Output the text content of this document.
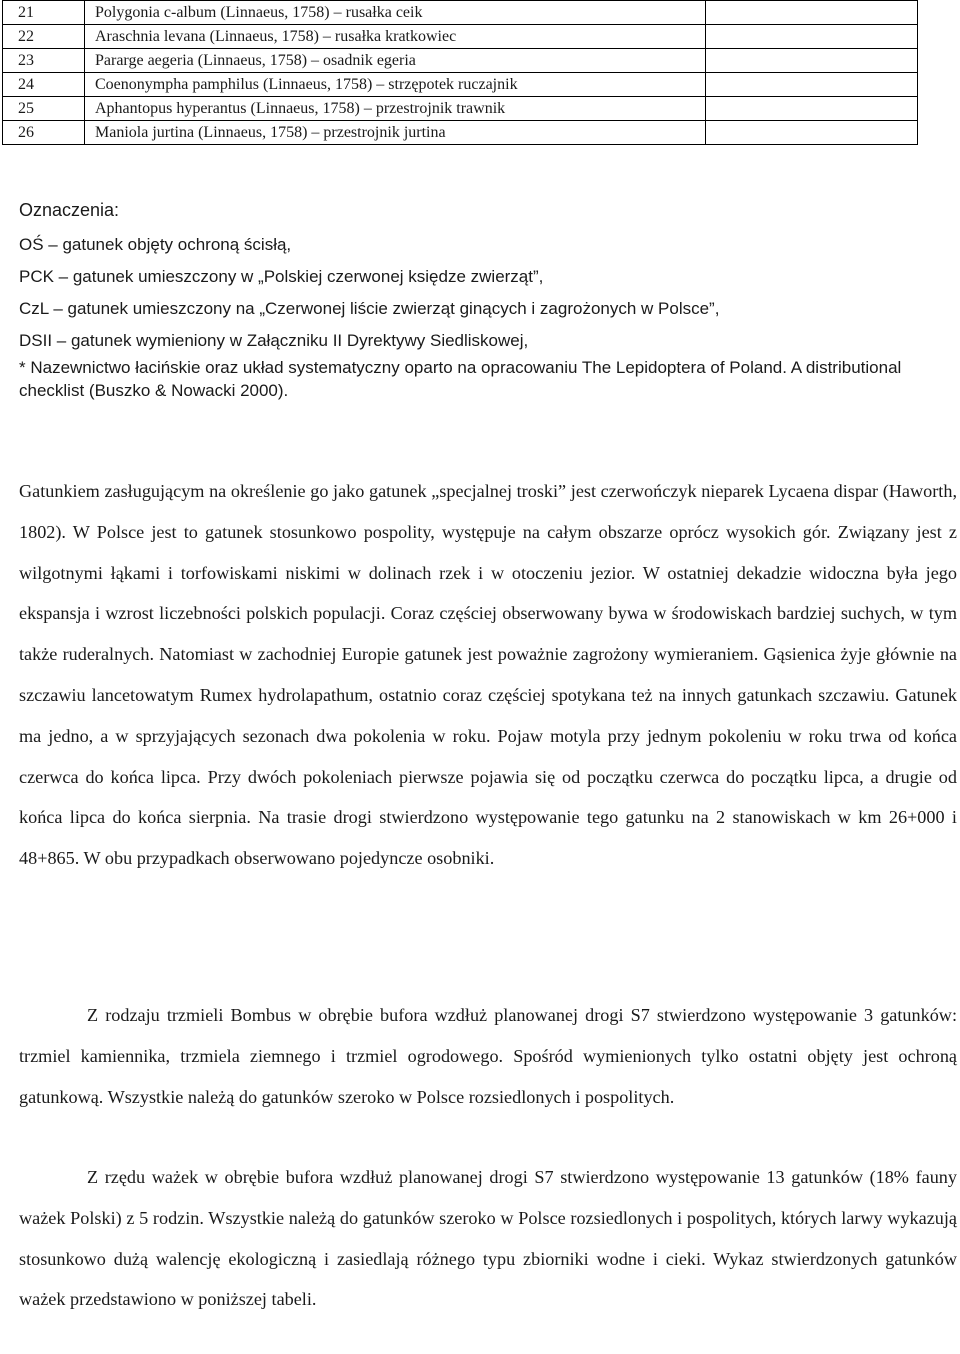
21	Polygonia c-album (Linnaeus, 1758) – rusałka ceik	
22	Araschnia levana (Linnaeus, 1758) – rusałka kratkowiec	
23	Pararge aegeria (Linnaeus, 1758) – osadnik egeria	
24	Coenonympha pamphilus (Linnaeus, 1758) – strzępotek ruczajnik	
25	Aphantopus hyperantus (Linnaeus, 1758) – przestrojnik trawnik	
26	Maniola jurtina (Linnaeus, 1758) – przestrojnik jurtina	
Oznaczenia:

OŚ – gatunek objęty ochroną ścisłą,

PCK – gatunek umieszczony w „Polskiej czerwonej księdze zwierząt”,

CzL – gatunek umieszczony na „Czerwonej liście zwierząt ginących i zagrożonych w Polsce”,

DSII – gatunek wymieniony w Załączniku II Dyrektywy Siedliskowej,

* Nazewnictwo łacińskie oraz układ systematyczny oparto na opracowaniu The Lepidoptera of Poland. A distributional checklist (Buszko & Nowacki 2000).

Gatunkiem zasługującym na określenie go jako gatunek „specjalnej troski” jest czerwończyk nieparek Lycaena dispar (Haworth, 1802). W Polsce jest to gatunek stosunkowo pospolity, występuje na całym obszarze oprócz wysokich gór. Związany jest z wilgotnymi łąkami i torfowiskami niskimi w dolinach rzek i w otoczeniu jezior. W ostatniej dekadzie widoczna była jego ekspansja i wzrost liczebności polskich populacji. Coraz częściej obserwowany bywa w środowiskach bardziej suchych, w tym także ruderalnych. Natomiast w zachodniej Europie gatunek jest poważnie zagrożony wymieraniem. Gąsienica żyje głównie na szczawiu lancetowatym Rumex hydrolapathum, ostatnio coraz częściej spotykana też na innych gatunkach szczawiu. Gatunek ma jedno, a w sprzyjających sezonach dwa pokolenia w roku. Pojaw motyla przy jednym pokoleniu w roku trwa od końca czerwca do końca lipca. Przy dwóch pokoleniach pierwsze pojawia się od początku czerwca do początku lipca, a drugie od końca lipca do końca sierpnia. Na trasie drogi stwierdzono występowanie tego gatunku na 2 stanowiskach w km 26+000 i 48+865. W obu przypadkach obserwowano pojedyncze osobniki.

Z rodzaju trzmieli Bombus w obrębie bufora wzdłuż planowanej drogi S7 stwierdzono występowanie 3 gatunków: trzmiel kamiennika, trzmiela ziemnego i trzmiel ogrodowego. Spośród wymienionych tylko ostatni objęty jest ochroną gatunkową. Wszystkie należą do gatunków szeroko w Polsce rozsiedlonych i pospolitych.

Z rzędu ważek w obrębie bufora wzdłuż planowanej drogi S7 stwierdzono występowanie 13 gatunków (18% fauny ważek Polski) z 5 rodzin. Wszystkie należą do gatunków szeroko w Polsce rozsiedlonych i pospolitych, których larwy wykazują stosunkowo dużą walencję ekologiczną i zasiedlają różnego typu zbiorniki wodne i cieki. Wykaz stwierdzonych gatunków ważek przedstawiono w poniższej tabeli.
